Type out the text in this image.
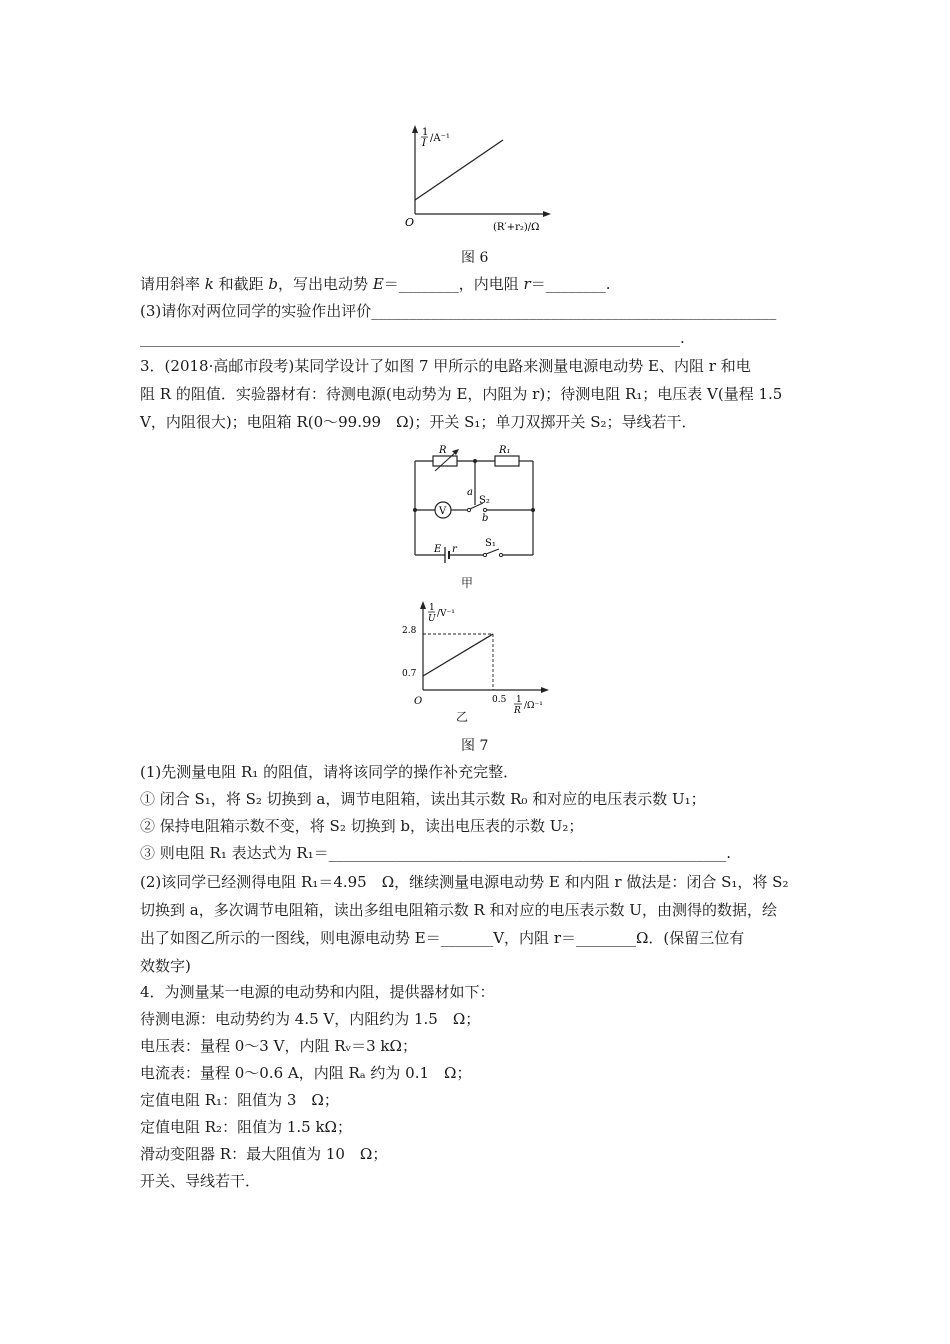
1
I /A⁻¹
O	(R′+r₂)/Ω
图 6
请用斜率 k 和截距 b，写出电动势 E＝________，内电阻 r＝________.
(3)请你对两位同学的实验作出评价______________________________________________________
________________________________________________________________________.
3．(2018·高邮市段考)某同学设计了如图 7 甲所示的电路来测量电源电动势 E、内阻 r 和电
阻 R 的阻值．实验器材有：待测电源(电动势为 E，内阻为 r)；待测电阻 R₁；电压表 V(量程 1.5
V，内阻很大)；电阻箱 R(0～99.99　Ω)；开关 S₁；单刀双掷开关 S₂；导线若干．
V
R	R₁
a
S₂
b
E r
S₁
甲
1
U /V⁻¹
2.8
0.7
O	0.5 1
R /Ω⁻¹
乙
图 7
(1)先测量电阻 R₁ 的阻值，请将该同学的操作补充完整．
① 闭合 S₁，将 S₂ 切换到 a，调节电阻箱，读出其示数 R₀ 和对应的电压表示数 U₁；
② 保持电阻箱示数不变，将 S₂ 切换到 b，读出电压表的示数 U₂；
③ 则电阻 R₁ 表达式为 R₁＝_____________________________________________________.
(2)该同学已经测得电阻 R₁＝4.95　Ω，继续测量电源电动势 E 和内阻 r 做法是：闭合 S₁，将 S₂
切换到 a，多次调节电阻箱，读出多组电阻箱示数 R 和对应的电压表示数 U，由测得的数据，绘
出了如图乙所示的一图线，则电源电动势 E＝_______V，内阻 r＝________Ω．(保留三位有
效数字)
4．为测量某一电源的电动势和内阻，提供器材如下：
待测电源：电动势约为 4.5 V，内阻约为 1.5　Ω；
电压表：量程 0～3 V，内阻 Rᵥ＝3 kΩ；
电流表：量程 0～0.6 A，内阻 Rₐ 约为 0.1　Ω；
定值电阻 R₁：阻值为 3　Ω；
定值电阻 R₂：阻值为 1.5 kΩ；
滑动变阻器 R：最大阻值为 10　Ω；
开关、导线若干．
